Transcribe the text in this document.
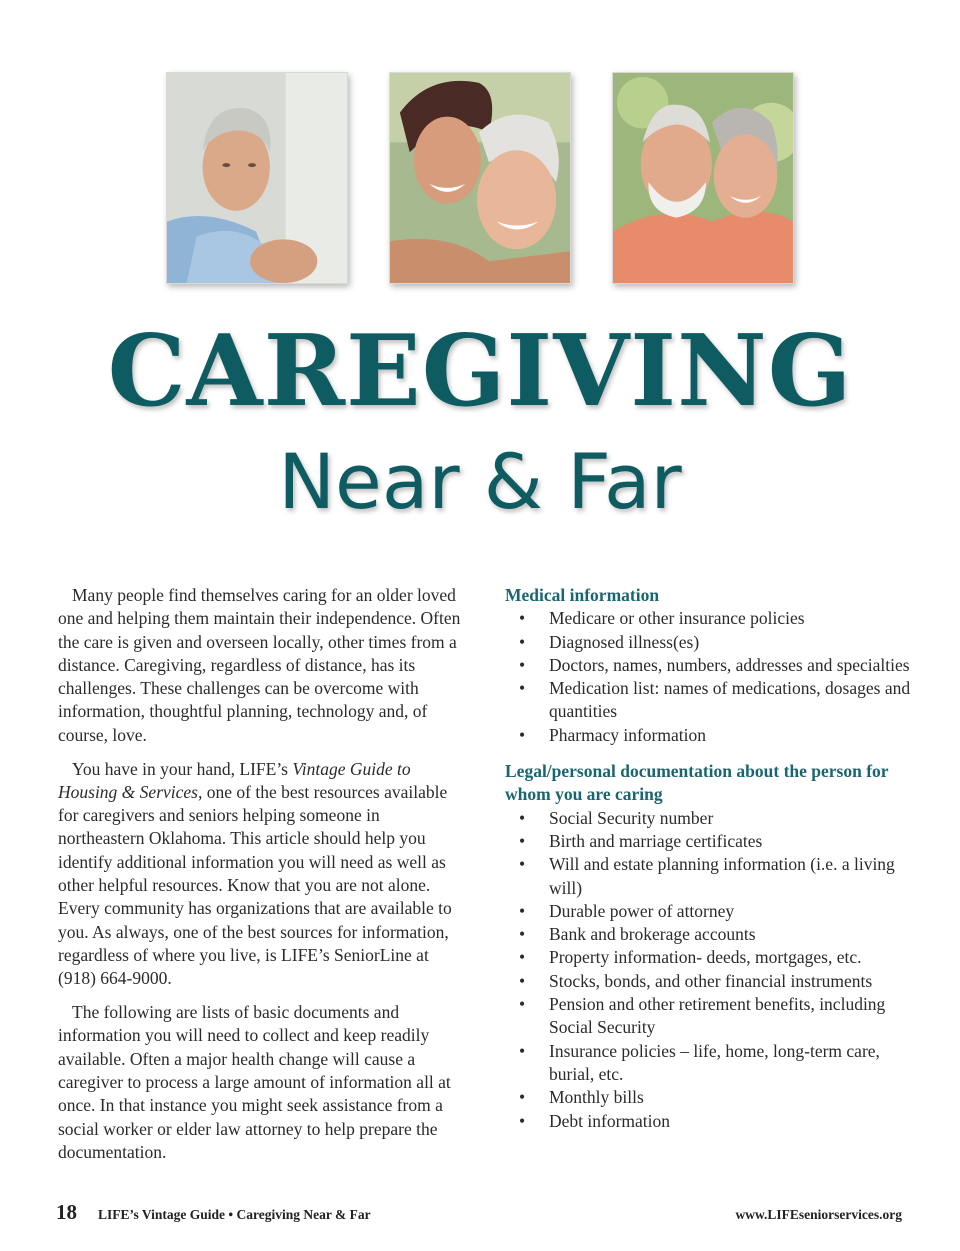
CAREGIVING
Near & Far

Many people find themselves caring for an older loved one and helping them maintain their independence. Often the care is given and overseen locally, other times from a distance. Caregiving, regardless of distance, has its challenges. These challenges can be overcome with information, thoughtful planning, technology and, of course, love.

You have in your hand, LIFE’s Vintage Guide to Housing & Services, one of the best resources available for caregivers and seniors helping someone in northeastern Oklahoma. This article should help you identify additional information you will need as well as other helpful resources. Know that you are not alone. Every community has organizations that are available to you. As always, one of the best sources for information, regardless of where you live, is LIFE’s SeniorLine at (918) 664-9000.

The following are lists of basic documents and information you will need to collect and keep readily available. Often a major health change will cause a caregiver to process a large amount of information all at once. In that instance you might seek assistance from a social worker or elder law attorney to help prepare the documentation.

Medical information
• Medicare or other insurance policies
• Diagnosed illness(es)
• Doctors, names, numbers, addresses and specialties
• Medication list: names of medications, dosages and quantities
• Pharmacy information
Legal/personal documentation about the person for whom you are caring
• Social Security number
• Birth and marriage certificates
• Will and estate planning information (i.e. a living will)
• Durable power of attorney
• Bank and brokerage accounts
• Property information- deeds, mortgages, etc.
• Stocks, bonds, and other financial instruments
• Pension and other retirement benefits, including Social Security
• Insurance policies – life, home, long-term care, burial, etc.
• Monthly bills
• Debt information
18 LIFE’s Vintage Guide • Caregiving Near & Far	www.LIFEseniorservices.org
